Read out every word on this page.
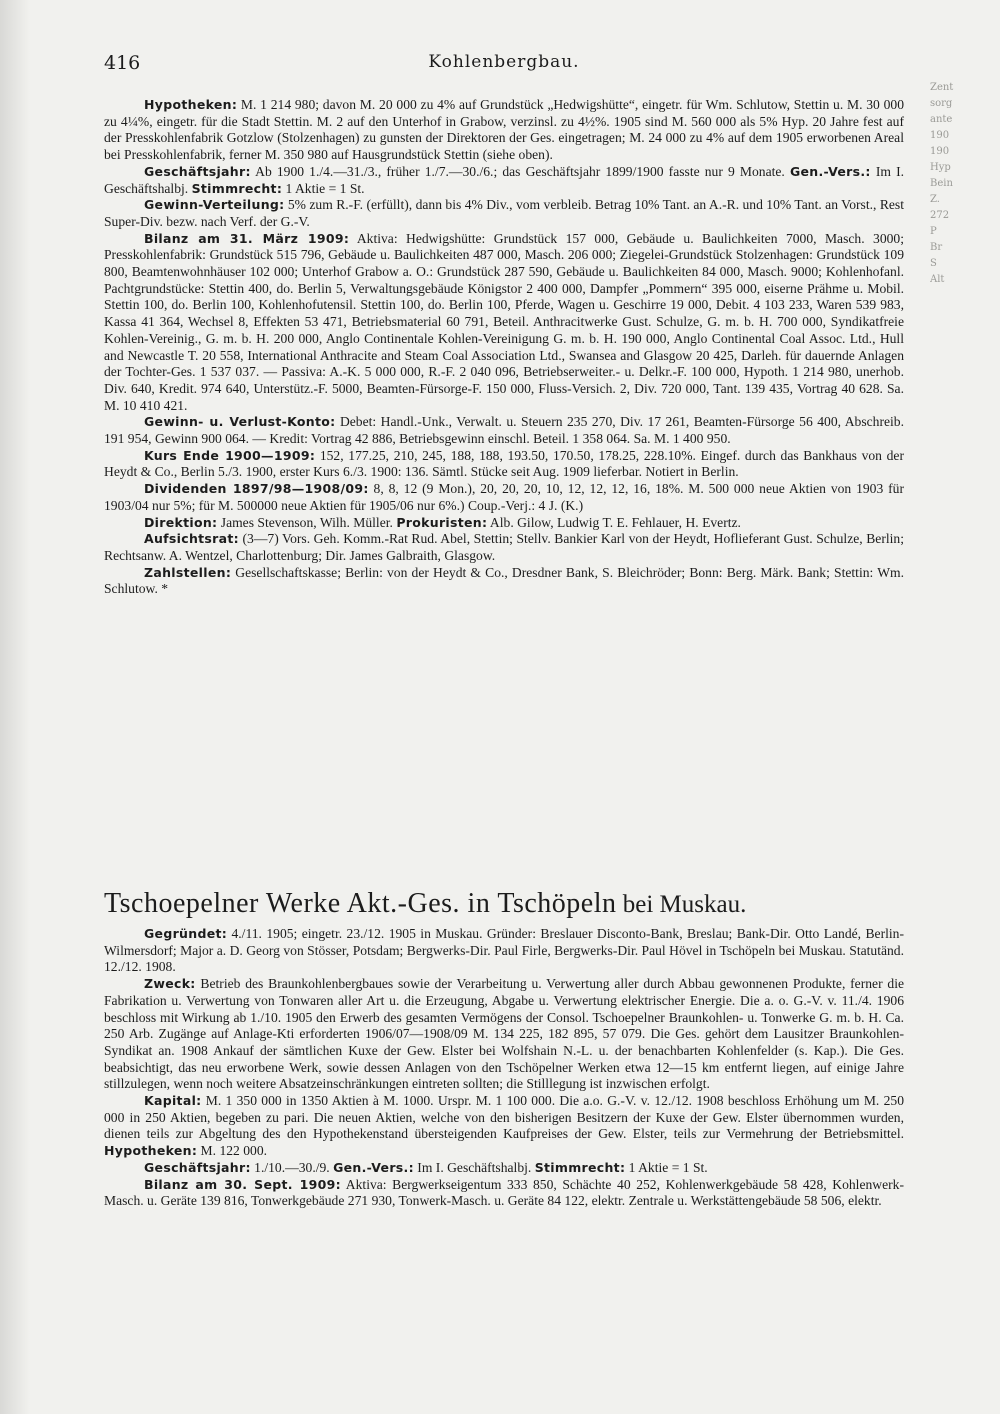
416	Kohlenbergbau.

Hypotheken: M. 1 214 980; davon M. 20 000 zu 4% auf Grundstück „Hedwigshütte“, eingetr. für Wm. Schlutow, Stettin u. M. 30 000 zu 4¼%, eingetr. für die Stadt Stettin. M. 2 auf den Unterhof in Grabow, verzinsl. zu 4½%. 1905 sind M. 560 000 als 5% Hyp. 20 Jahre fest auf der Presskohlenfabrik Gotzlow (Stolzenhagen) zu gunsten der Direktoren der Ges. eingetragen; M. 24 000 zu 4% auf dem 1905 erworbenen Areal bei Presskohlenfabrik, ferner M. 350 980 auf Hausgrundstück Stettin (siehe oben).

Geschäftsjahr: Ab 1900 1./4.—31./3., früher 1./7.—30./6.; das Geschäftsjahr 1899/1900 fasste nur 9 Monate. Gen.-Vers.: Im I. Geschäftshalbj. Stimmrecht: 1 Aktie = 1 St.

Gewinn-Verteilung: 5% zum R.-F. (erfüllt), dann bis 4% Div., vom verbleib. Betrag 10% Tant. an A.-R. und 10% Tant. an Vorst., Rest Super-Div. bezw. nach Verf. der G.-V.

Bilanz am 31. März 1909: Aktiva: Hedwigshütte: Grundstück 157 000, Gebäude u. Baulichkeiten 7000, Masch. 3000; Presskohlenfabrik: Grundstück 515 796, Gebäude u. Baulichkeiten 487 000, Masch. 206 000; Ziegelei-Grundstück Stolzenhagen: Grundstück 109 800, Beamtenwohnhäuser 102 000; Unterhof Grabow a. O.: Grundstück 287 590, Gebäude u. Baulichkeiten 84 000, Masch. 9000; Kohlenhofanl. Pachtgrundstücke: Stettin 400, do. Berlin 5, Verwaltungsgebäude Königstor 2 400 000, Dampfer „Pommern“ 395 000, eiserne Prähme u. Mobil. Stettin 100, do. Berlin 100, Kohlenhofutensil. Stettin 100, do. Berlin 100, Pferde, Wagen u. Geschirre 19 000, Debit. 4 103 233, Waren 539 983, Kassa 41 364, Wechsel 8, Effekten 53 471, Betriebsmaterial 60 791, Beteil. Anthracitwerke Gust. Schulze, G. m. b. H. 700 000, Syndikatfreie Kohlen-Vereinig., G. m. b. H. 200 000, Anglo Continentale Kohlen-Vereinigung G. m. b. H. 190 000, Anglo Continental Coal Assoc. Ltd., Hull and Newcastle T. 20 558, International Anthracite and Steam Coal Association Ltd., Swansea and Glasgow 20 425, Darleh. für dauernde Anlagen der Tochter-Ges. 1 537 037. — Passiva: A.-K. 5 000 000, R.-F. 2 040 096, Betriebserweiter.- u. Delkr.-F. 100 000, Hypoth. 1 214 980, unerhob. Div. 640, Kredit. 974 640, Unterstütz.-F. 5000, Beamten-Fürsorge-F. 150 000, Fluss-Versich. 2, Div. 720 000, Tant. 139 435, Vortrag 40 628. Sa. M. 10 410 421.

Gewinn- u. Verlust-Konto: Debet: Handl.-Unk., Verwalt. u. Steuern 235 270, Div. 17 261, Beamten-Fürsorge 56 400, Abschreib. 191 954, Gewinn 900 064. — Kredit: Vortrag 42 886, Betriebsgewinn einschl. Beteil. 1 358 064. Sa. M. 1 400 950.

Kurs Ende 1900—1909: 152, 177.25, 210, 245, 188, 188, 193.50, 170.50, 178.25, 228.10%. Eingef. durch das Bankhaus von der Heydt & Co., Berlin 5./3. 1900, erster Kurs 6./3. 1900: 136. Sämtl. Stücke seit Aug. 1909 lieferbar. Notiert in Berlin.

Dividenden 1897/98—1908/09: 8, 8, 12 (9 Mon.), 20, 20, 20, 10, 12, 12, 12, 16, 18%. M. 500 000 neue Aktien von 1903 für 1903/04 nur 5%; für M. 500000 neue Aktien für 1905/06 nur 6%.) Coup.-Verj.: 4 J. (K.)

Direktion: James Stevenson, Wilh. Müller. Prokuristen: Alb. Gilow, Ludwig T. E. Fehlauer, H. Evertz.

Aufsichtsrat: (3—7) Vors. Geh. Komm.-Rat Rud. Abel, Stettin; Stellv. Bankier Karl von der Heydt, Hoflieferant Gust. Schulze, Berlin; Rechtsanw. A. Wentzel, Charlottenburg; Dir. James Galbraith, Glasgow.

Zahlstellen: Gesellschaftskasse; Berlin: von der Heydt & Co., Dresdner Bank, S. Bleichröder; Bonn: Berg. Märk. Bank; Stettin: Wm. Schlutow. *

Tschoepelner Werke Akt.-Ges. in Tschöpeln bei Muskau.

Gegründet: 4./11. 1905; eingetr. 23./12. 1905 in Muskau. Gründer: Breslauer Disconto-Bank, Breslau; Bank-Dir. Otto Landé, Berlin-Wilmersdorf; Major a. D. Georg von Stösser, Potsdam; Bergwerks-Dir. Paul Firle, Bergwerks-Dir. Paul Hövel in Tschöpeln bei Muskau. Statutänd. 12./12. 1908.

Zweck: Betrieb des Braunkohlenbergbaues sowie der Verarbeitung u. Verwertung aller durch Abbau gewonnenen Produkte, ferner die Fabrikation u. Verwertung von Tonwaren aller Art u. die Erzeugung, Abgabe u. Verwertung elektrischer Energie. Die a. o. G.-V. v. 11./4. 1906 beschloss mit Wirkung ab 1./10. 1905 den Erwerb des gesamten Vermögens der Consol. Tschoepelner Braunkohlen- u. Tonwerke G. m. b. H. Ca. 250 Arb. Zugänge auf Anlage-Kti erforderten 1906/07—1908/09 M. 134 225, 182 895, 57 079. Die Ges. gehört dem Lausitzer Braunkohlen-Syndikat an. 1908 Ankauf der sämtlichen Kuxe der Gew. Elster bei Wolfshain N.-L. u. der benachbarten Kohlenfelder (s. Kap.). Die Ges. beabsichtigt, das neu erworbene Werk, sowie dessen Anlagen von den Tschöpelner Werken etwa 12—15 km entfernt liegen, auf einige Jahre stillzulegen, wenn noch weitere Absatzeinschränkungen eintreten sollten; die Stilllegung ist inzwischen erfolgt.

Kapital: M. 1 350 000 in 1350 Aktien à M. 1000. Urspr. M. 1 100 000. Die a.o. G.-V. v. 12./12. 1908 beschloss Erhöhung um M. 250 000 in 250 Aktien, begeben zu pari. Die neuen Aktien, welche von den bisherigen Besitzern der Kuxe der Gew. Elster übernommen wurden, dienen teils zur Abgeltung des den Hypothekenstand übersteigenden Kaufpreises der Gew. Elster, teils zur Vermehrung der Betriebsmittel. Hypotheken: M. 122 000.

Geschäftsjahr: 1./10.—30./9. Gen.-Vers.: Im I. Geschäftshalbj. Stimmrecht: 1 Aktie = 1 St.

Bilanz am 30. Sept. 1909: Aktiva: Bergwerkseigentum 333 850, Schächte 40 252, Kohlenwerkgebäude 58 428, Kohlenwerk-Masch. u. Geräte 139 816, Tonwerkgebäude 271 930, Tonwerk-Masch. u. Geräte 84 122, elektr. Zentrale u. Werkstättengebäude 58 506, elektr.

Zent
sorg
ante
190
190
Hyp
Bein
Z.
272
P
Br
S
Alt
